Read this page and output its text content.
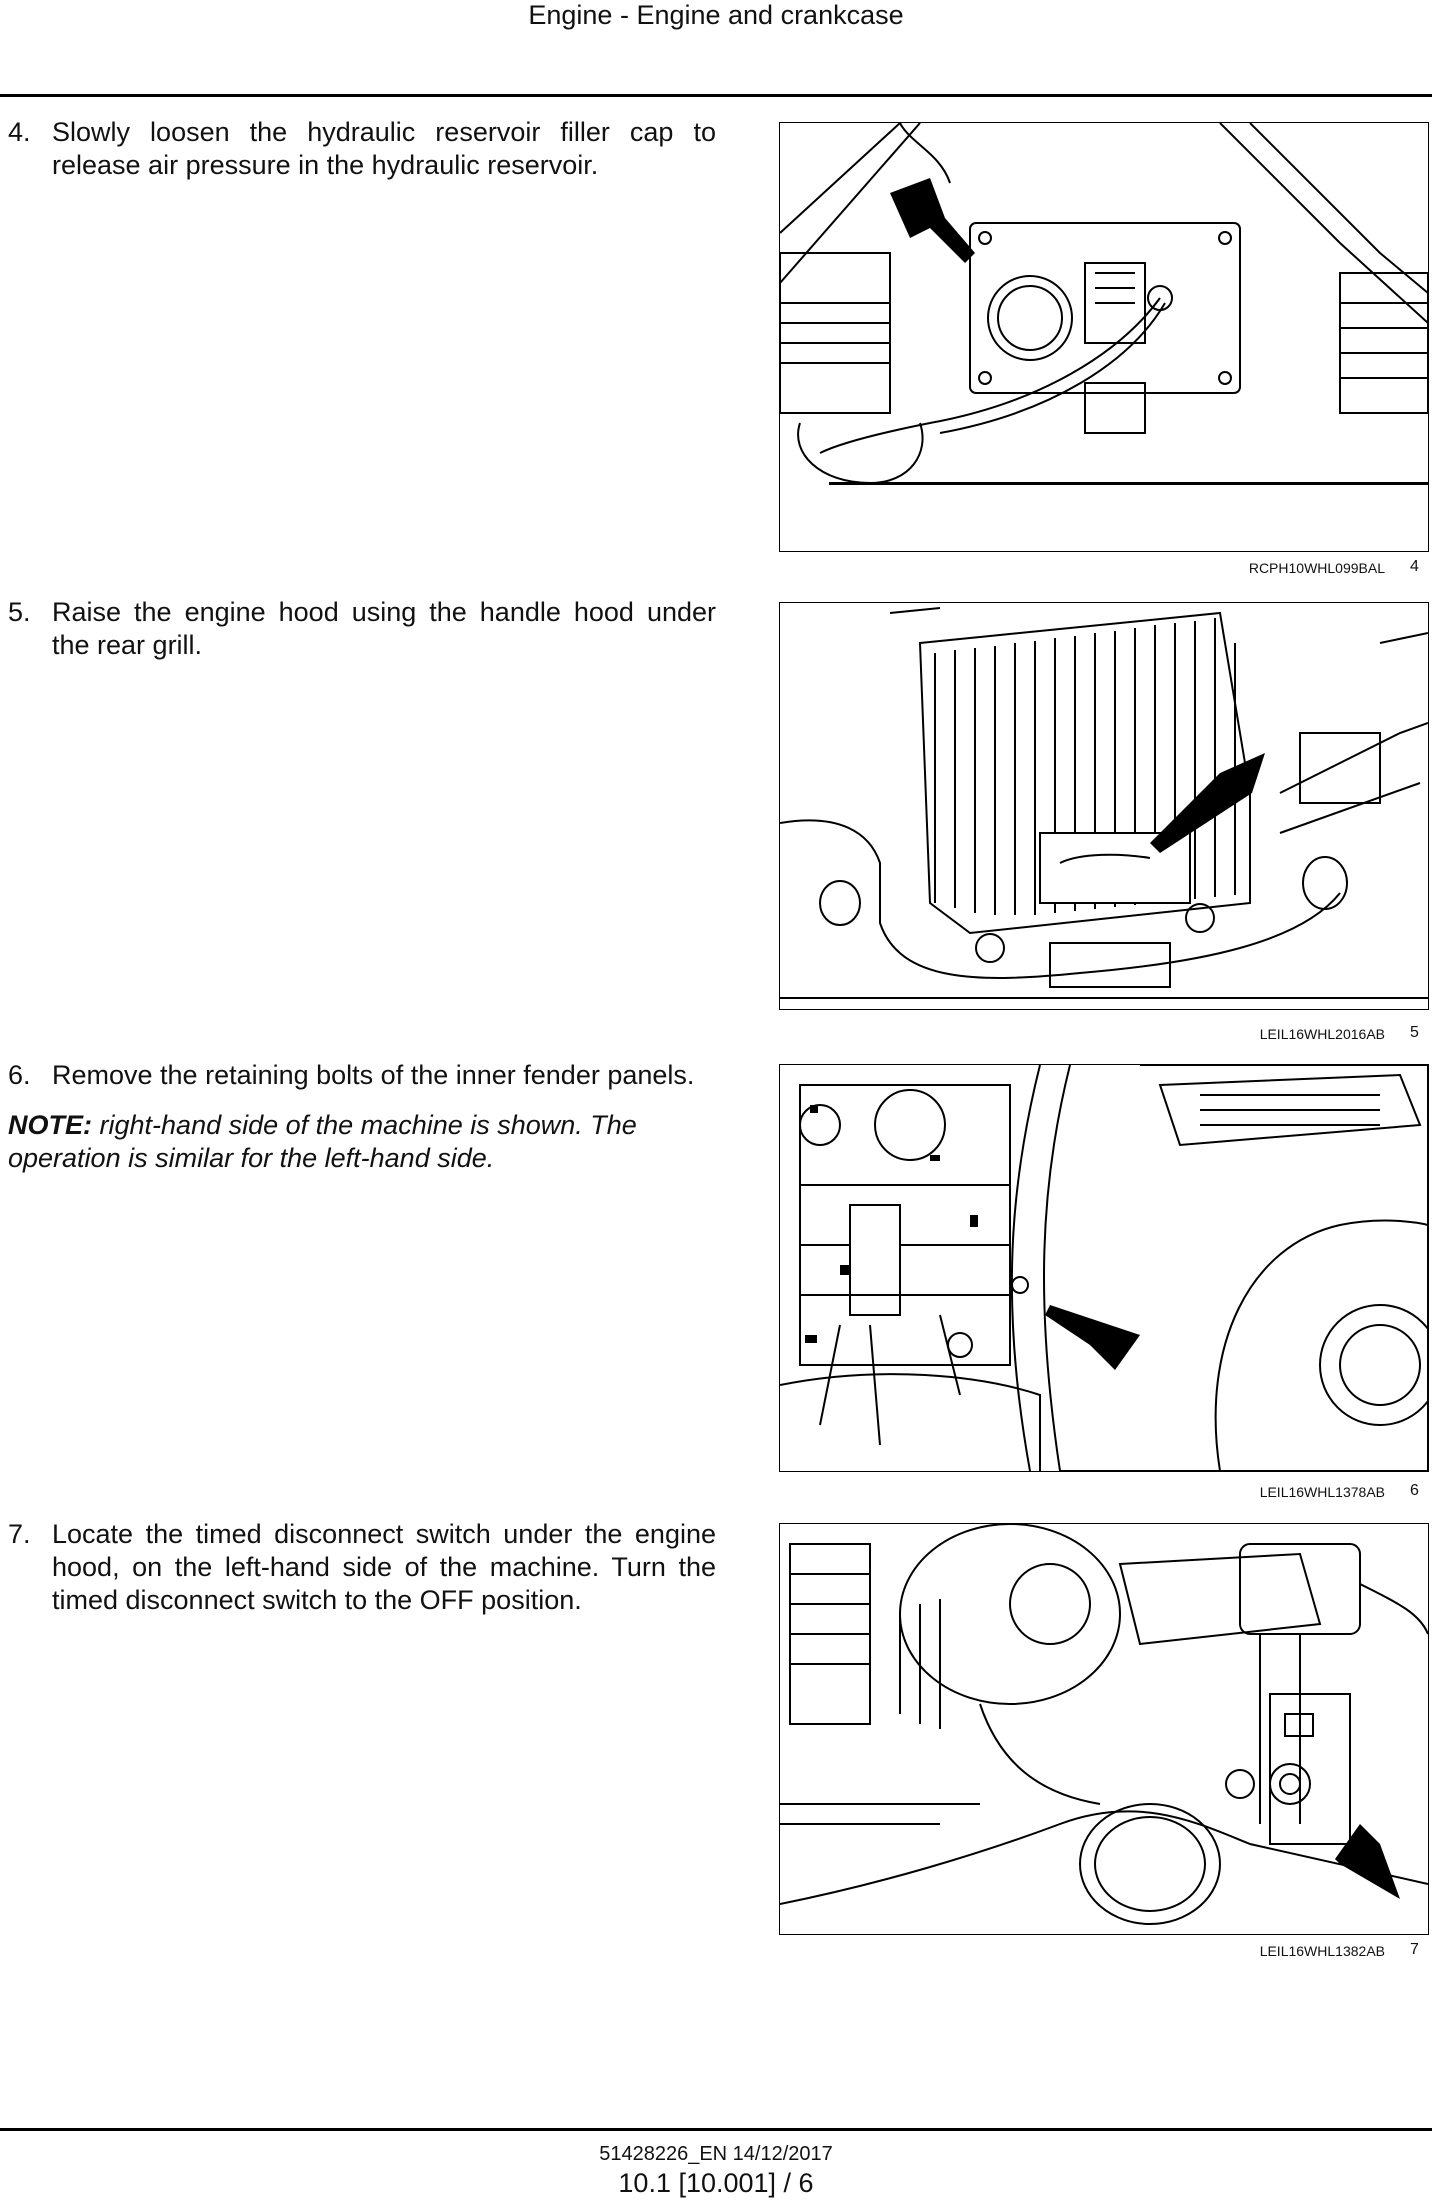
Engine - Engine and crankcase
4. Slowly loosen the hydraulic reservoir filler cap to release air pressure in the hydraulic reservoir.
RCPH10WHL099BAL 4
5. Raise the engine hood using the handle hood under the rear grill.
LEIL16WHL2016AB 5
6. Remove the retaining bolts of the inner fender panels.
NOTE: right-hand side of the machine is shown. The operation is similar for the left-hand side.
LEIL16WHL1378AB 6
7. Locate the timed disconnect switch under the engine hood, on the left-hand side of the machine. Turn the timed disconnect switch to the OFF position.
LEIL16WHL1382AB 7
51428226_EN 14/12/2017
10.1 [10.001] / 6
